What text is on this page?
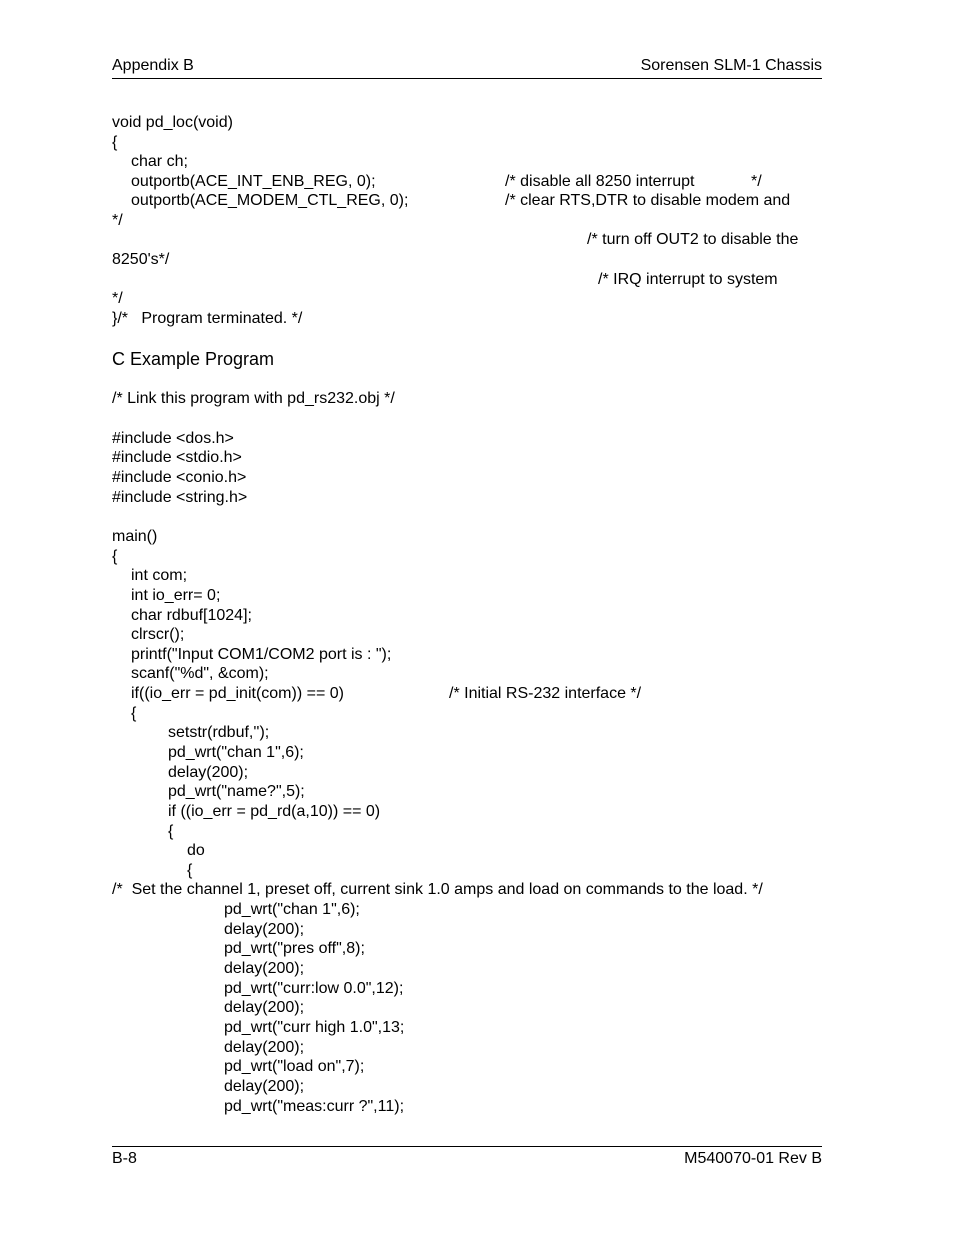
Appendix B	Sorensen SLM-1 Chassis
void pd_loc(void)
{
char ch;
outportb(ACE_INT_ENB_REG, 0);	/* disable all 8250 interrupt	*/
outportb(ACE_MODEM_CTL_REG, 0);	/* clear RTS,DTR to disable modem and
*/
/* turn off OUT2 to disable the
8250's*/
/* IRQ interrupt to system
*/
}/*   Program terminated. */
C Example Program
/* Link this program with pd_rs232.obj */
#include <dos.h>
#include <stdio.h>
#include <conio.h>
#include <string.h>
main()
{
int com;
int io_err= 0;
char rdbuf[1024];
clrscr();
printf("Input COM1/COM2 port is : ");
scanf("%d", &com);
if((io_err = pd_init(com)) == 0)	/* Initial RS-232 interface */
{
setstr(rdbuf,'');
pd_wrt("chan 1",6);
delay(200);
pd_wrt("name?",5);
if ((io_err = pd_rd(a,10)) == 0)
{
do
{
/*  Set the channel 1, preset off, current sink 1.0 amps and load on commands to the load. */
pd_wrt("chan 1",6);
delay(200);
pd_wrt("pres off",8);
delay(200);
pd_wrt("curr:low 0.0",12);
delay(200);
pd_wrt("curr high 1.0",13;
delay(200);
pd_wrt("load on",7);
delay(200);
pd_wrt("meas:curr ?",11);
B-8	M540070-01 Rev B
